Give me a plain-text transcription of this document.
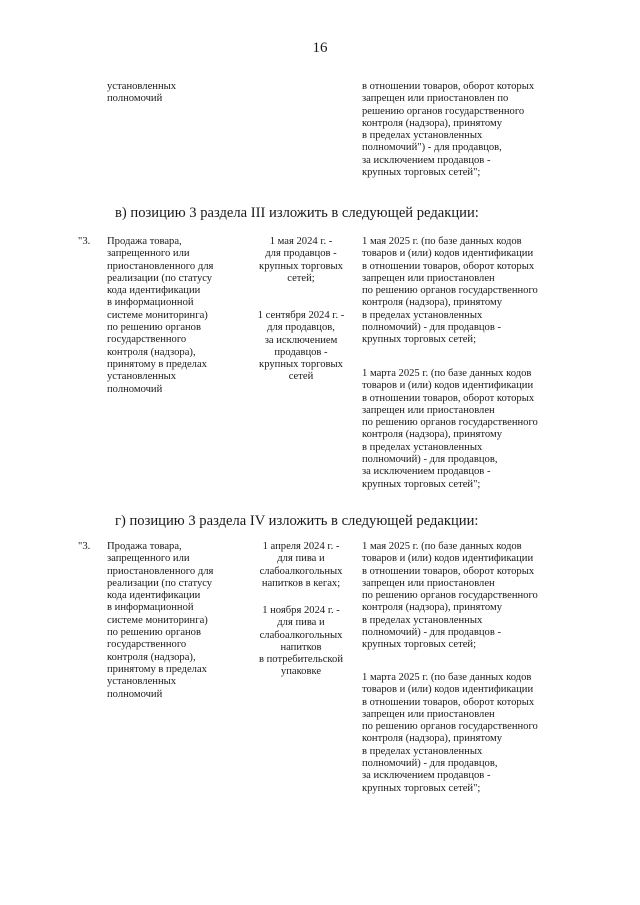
16
установленных
полномочий
в отношении товаров, оборот которых
запрещен или приостановлен по
решению органов государственного
контроля (надзора), принятому
в пределах установленных
полномочий") - для продавцов,
за исключением продавцов -
крупных торговых сетей";
в) позицию 3 раздела III изложить в следующей редакции:
"3. Продажа товара,
запрещенного или
приостановленного для
реализации (по статусу
кода идентификации
в информационной
системе мониторинга)
по решению органов
государственного
контроля (надзора),
принятому в пределах
установленных
полномочий
1 мая 2024 г. -
для продавцов -
крупных торговых
сетей;
1 сентября 2024 г. -
для продавцов,
за исключением
продавцов -
крупных торговых
сетей
1 мая 2025 г. (по базе данных кодов
товаров и (или) кодов идентификации
в отношении товаров, оборот которых
запрещен или приостановлен
по решению органов государственного
контроля (надзора), принятому
в пределах установленных
полномочий) - для продавцов -
крупных торговых сетей;
1 марта 2025 г. (по базе данных кодов
товаров и (или) кодов идентификации
в отношении товаров, оборот которых
запрещен или приостановлен
по решению органов государственного
контроля (надзора), принятому
в пределах установленных
полномочий) - для продавцов,
за исключением продавцов -
крупных торговых сетей";
г) позицию 3 раздела IV изложить в следующей редакции:
"3. Продажа товара,
запрещенного или
приостановленного для
реализации (по статусу
кода идентификации
в информационной
системе мониторинга)
по решению органов
государственного
контроля (надзора),
принятому в пределах
установленных
полномочий
1 апреля 2024 г. -
для пива и
слабоалкогольных
напитков в кегах;
1 ноября 2024 г. -
для пива и
слабоалкогольных
напитков
в потребительской
упаковке
1 мая 2025 г. (по базе данных кодов
товаров и (или) кодов идентификации
в отношении товаров, оборот которых
запрещен или приостановлен
по решению органов государственного
контроля (надзора), принятому
в пределах установленных
полномочий) - для продавцов -
крупных торговых сетей;
1 марта 2025 г. (по базе данных кодов
товаров и (или) кодов идентификации
в отношении товаров, оборот которых
запрещен или приостановлен
по решению органов государственного
контроля (надзора), принятому
в пределах установленных
полномочий) - для продавцов,
за исключением продавцов -
крупных торговых сетей";
